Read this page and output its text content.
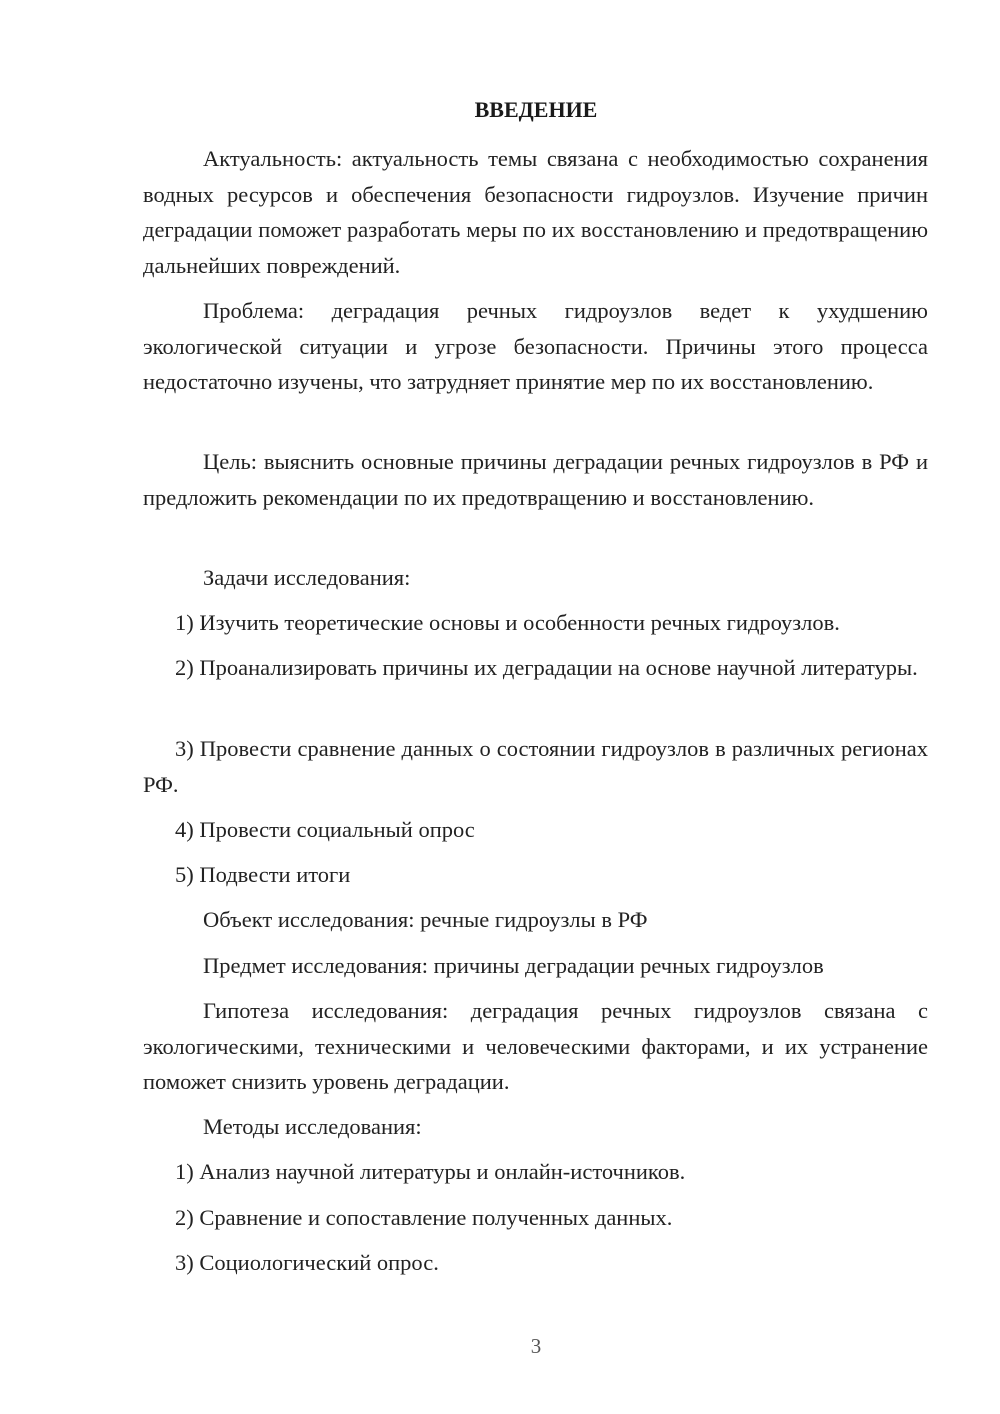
ВВЕДЕНИЕ

Актуальность: актуальность темы связана с необходимостью сохранения водных ресурсов и обеспечения безопасности гидроузлов. Изучение причин деградации поможет разработать меры по их восстановлению и предотвращению дальнейших повреждений.

Проблема: деградация речных гидроузлов ведет к ухудшению экологической ситуации и угрозе безопасности. Причины этого процесса недостаточно изучены, что затрудняет принятие мер по их восстановлению.

Цель: выяснить основные причины деградации речных гидроузлов в РФ и предложить рекомендации по их предотвращению и восстановлению.

Задачи исследования:

1) Изучить теоретические основы и особенности речных гидроузлов.

2) Проанализировать причины их деградации на основе научной литературы.

3) Провести сравнение данных о состоянии гидроузлов в различных регионах РФ.

4) Провести социальный опрос

5) Подвести итоги

Объект исследования: речные гидроузлы в РФ

Предмет исследования: причины деградации речных гидроузлов

Гипотеза исследования: деградация речных гидроузлов связана с экологическими, техническими и человеческими факторами, и их устранение поможет снизить уровень деградации.

Методы исследования:

1) Анализ научной литературы и онлайн-источников.

2) Сравнение и сопоставление полученных данных.

3) Социологический опрос.

3
